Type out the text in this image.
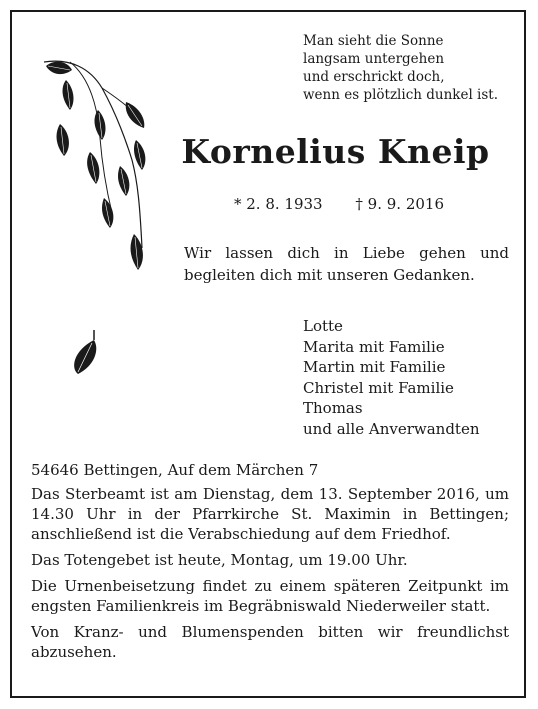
Man sieht die Sonne
langsam untergehen
und erschrickt doch,
wenn es plötzlich dunkel ist.
Kornelius Kneip
* 2. 8. 1933 † 9. 9. 2016
Wir lassen dich in Liebe gehen und begleiten dich mit unseren Gedanken.
Lotte
Marita mit Familie
Martin mit Familie
Christel mit Familie
Thomas
und alle Anverwandten

54646 Bettingen, Auf dem Märchen 7

Das Sterbeamt ist am Dienstag, dem 13. September 2016, um 14.30 Uhr in der Pfarrkirche St. Maximin in Bettingen; anschließend ist die Verabschiedung auf dem Friedhof.

Das Totengebet ist heute, Montag, um 19.00 Uhr.

Die Urnenbeisetzung findet zu einem späteren Zeitpunkt im engsten Familienkreis im Begräbniswald Niederweiler statt.

Von Kranz- und Blumenspenden bitten wir freundlichst abzusehen.
